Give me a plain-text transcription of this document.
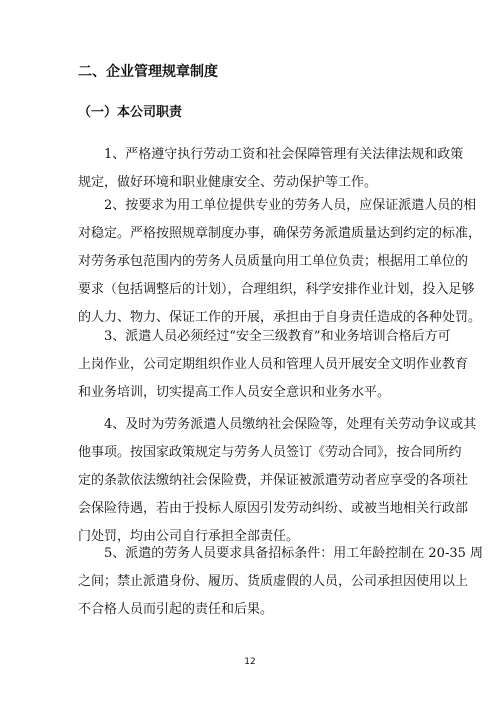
二、企业管理规章制度
（一）本公司职责
1、严格遵守执行劳动工资和社会保障管理有关法律法规和政策
规定，做好环境和职业健康安全、劳动保护等工作。
2、按要求为用工单位提供专业的劳务人员，应保证派遣人员的相
对稳定。严格按照规章制度办事，确保劳务派遣质量达到约定的标准，
对劳务承包范围内的劳务人员质量向用工单位负责；根据用工单位的
要求（包括调整后的计划），合理组织，科学安排作业计划，投入足够
的人力、物力、保证工作的开展，承担由于自身责任造成的各种处罚。
3、派遣人员必须经过“安全三级教育”和业务培训合格后方可
上岗作业，公司定期组织作业人员和管理人员开展安全文明作业教育
和业务培训，切实提高工作人员安全意识和业务水平。
4、及时为劳务派遣人员缴纳社会保险等，处理有关劳动争议或其
他事项。按国家政策规定与劳务人员签订《劳动合同》，按合同所约
定的条款依法缴纳社会保险费，并保证被派遣劳动者应享受的各项社
会保险待遇，若由于投标人原因引发劳动纠纷、或被当地相关行政部
门处罚，均由公司自行承担全部责任。
5、派遣的劳务人员要求具备招标条件：用工年龄控制在 20-35 周
之间；禁止派遣身份、履历、货质虚假的人员，公司承担因使用以上
不合格人员而引起的责任和后果。
12
